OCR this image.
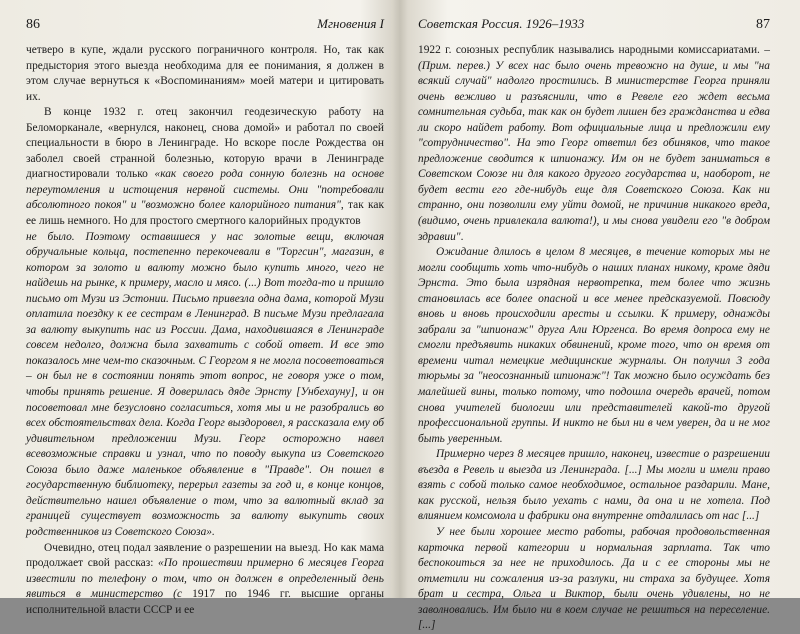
86	Мгновения I

четверо в купе, ждали русского пограничного контроля. Но, так как предыстория этого выезда необходима для ее понимания, я должен в этом случае вернуться к «Воспоминаниям» моей матери и цитировать их.

В конце 1932 г. отец закончил геодезическую работу на Беломорканале, «вернулся, наконец, снова домой» и работал по своей специальности в бюро в Ленинграде. Но вскоре после Рождества он заболел своей странной болезнью, которую врачи в Ленинграде диагностировали только «как своего рода сонную болезнь на основе переутомления и истощения нервной системы. Они "потребовали абсолютного покоя" и "возможно более калорийного питания", так как ее лишь немного. Но для простого смертного калорийных продуктов

не было. Поэтому оставшиеся у нас золотые вещи, включая обручальные кольца, постепенно перекочевали в "Торгсин", магазин, в котором за золото и валюту можно было купить много, чего не найдешь на рынке, к примеру, масло и мясо. (...) Вот тогда-то и пришло письмо от Музи из Эстонии. Письмо привезла одна дама, которой Музи оплатила поездку к ее сестрам в Ленинград. В письме Музи предлагала за валюту выкупить нас из России. Дама, находившаяся в Ленинграде совсем недолго, должна была захватить с собой ответ. И все это показалось мне чем-то сказочным. С Георгом я не могла посоветоваться – он был не в состоянии понять этот вопрос, не говоря уже о том, чтобы принять решение. Я доверилась дяде Эрнсту [Унбехаунy], и он посоветовал мне безусловно согласиться, хотя мы и не разобрались во всех обстоятельствах дела. Когда Георг выздоровел, я рассказала ему об удивительном предложении Музи. Георг осторожно навел всевозможные справки и узнал, что по поводу выкупа из Советского Союза было даже маленькое объявление в "Правде". Он пошел в государственную библиотеку, перерыл газеты за год и, в конце концов, действительно нашел объявление о том, что за валютный вклад за границей существует возможность за валюту выкупить своих родственников из Советского Союза».

Очевидно, отец подал заявление о разрешении на выезд. Но как мама продолжает свой рассказ: «По прошествии примерно 6 месяцев Георга известили по телефону о том, что он должен в определенный день явиться в министерство (с 1917 по 1946 гг. высшие органы исполнительной власти СССР и ее

Советская Россия. 1926–1933	87

1922 г. союзных республик назывались народными комиссариатами. – (Прим. перев.) У всех нас было очень тревожно на душе, и мы "на всякий случай" надолго простились. В министерстве Георга приняли очень вежливо и разъяснили, что в Ревеле его ждет весьма сомнительная судьба, так как он будет лишен без гражданства и едва ли скоро найдет работу. Вот официальные лица и предложили ему "сотрудничество". На это Георг ответил без обиняков, что такое предложение сводится к шпионажу. Им он не будет заниматься в Советском Союзе ни для какого другого государства и, наоборот, не будет вести его где-нибудь еще для Советского Союза. Как ни странно, они позволили ему уйти домой, не причинив никакого вреда, (видимо, очень привлекала валюта!), и мы снова увидели его "в добром здравии".

Ожидание длилось в целом 8 месяцев, в течение которых мы не могли сообщить хоть что-нибудь о наших планах никому, кроме дяди Эрнста. Это была изрядная нервотрепка, тем более что жизнь становилась все более опасной и все менее предсказуемой. Повсюду вновь и вновь происходили аресты и ссылки. К примеру, однажды забрали за "шпионаж" друга Али Юргенса. Во время допроса ему не смогли предъявить никаких обвинений, кроме того, что он время от времени читал немецкие медицинские журналы. Он получил 3 года тюрьмы за "неосознанный шпионаж"! Так можно было осуждать без малейшей вины, только потому, что подошла очередь врачей, потом снова учителей биологии или представителей какой-то другой профессиональной группы. И никто не был ни в чем уверен, да и не мог быть уверенным.

Примерно через 8 месяцев пришло, наконец, известие о разрешении въезда в Ревель и выезда из Ленинграда. [...] Мы могли и имели право взять с собой только самое необходимое, остальное раздарили. Мане, как русской, нельзя было уехать с нами, да она и не хотела. Под влиянием комсомола и фабрики она внутренне отдалилась от нас [...]

У нее были хорошее место работы, рабочая продовольственная карточка первой категории и нормальная зарплата. Так что беспокоиться за нее не приходилось. Да и с ее стороны мы не отметили ни сожаления из-за разлуки, ни страха за будущее. Хотя брат и сестра, Ольга и Виктор, были очень удивлены, но не заволновались. Им было ни в коем случае не решиться на переселение. [...]
